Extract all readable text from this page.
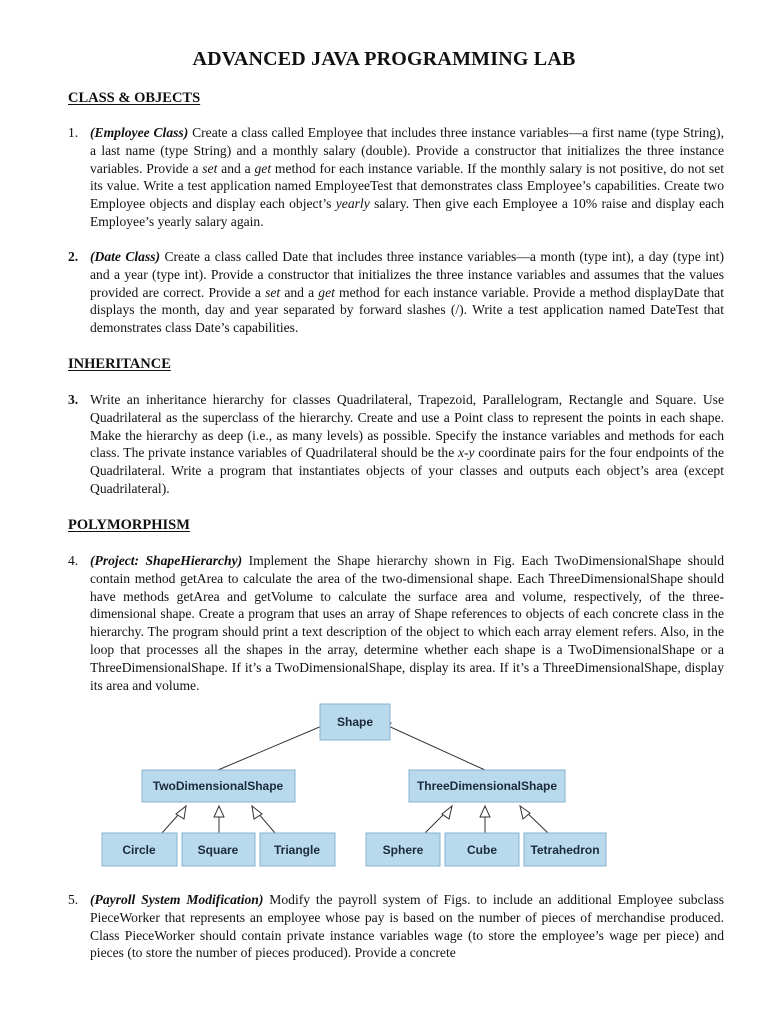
ADVANCED JAVA PROGRAMMING LAB
CLASS & OBJECTS
1. (Employee Class) Create a class called Employee that includes three instance variables—a first name (type String), a last name (type String) and a monthly salary (double). Provide a constructor that initializes the three instance variables. Provide a set and a get method for each instance variable. If the monthly salary is not positive, do not set its value. Write a test application named EmployeeTest that demonstrates class Employee’s capabilities. Create two Employee objects and display each object’s yearly salary. Then give each Employee a 10% raise and display each Employee’s yearly salary again.
2. (Date Class) Create a class called Date that includes three instance variables—a month (type int), a day (type int) and a year (type int). Provide a constructor that initializes the three instance variables and assumes that the values provided are correct. Provide a set and a get method for each instance variable. Provide a method displayDate that displays the month, day and year separated by forward slashes (/). Write a test application named DateTest that demonstrates class Date’s capabilities.
INHERITANCE
3. Write an inheritance hierarchy for classes Quadrilateral, Trapezoid, Parallelogram, Rectangle and Square. Use Quadrilateral as the superclass of the hierarchy. Create and use a Point class to represent the points in each shape. Make the hierarchy as deep (i.e., as many levels) as possible. Specify the instance variables and methods for each class. The private instance variables of Quadrilateral should be the x-y coordinate pairs for the four endpoints of the Quadrilateral. Write a program that instantiates objects of your classes and outputs each object’s area (except Quadrilateral).
POLYMORPHISM
4. (Project: ShapeHierarchy) Implement the Shape hierarchy shown in Fig. Each TwoDimensionalShape should contain method getArea to calculate the area of the two-dimensional shape. Each ThreeDimensionalShape should have methods getArea and getVolume to calculate the surface area and volume, respectively, of the three-dimensional shape. Create a program that uses an array of Shape references to objects of each concrete class in the hierarchy. The program should print a text description of the object to which each array element refers. Also, in the loop that processes all the shapes in the array, determine whether each shape is a TwoDimensionalShape or a ThreeDimensionalShape. If it’s a TwoDimensionalShape, display its area. If it’s a ThreeDimensionalShape, display its area and volume.
Shape
TwoDimensionalShape	ThreeDimensionalShape
Circle	Square	Triangle	Sphere	Cube	Tetrahedron
5. (Payroll System Modification) Modify the payroll system of Figs. to include an additional Employee subclass PieceWorker that represents an employee whose pay is based on the number of pieces of merchandise produced. Class PieceWorker should contain private instance variables wage (to store the employee’s wage per piece) and pieces (to store the number of pieces produced). Provide a concrete
